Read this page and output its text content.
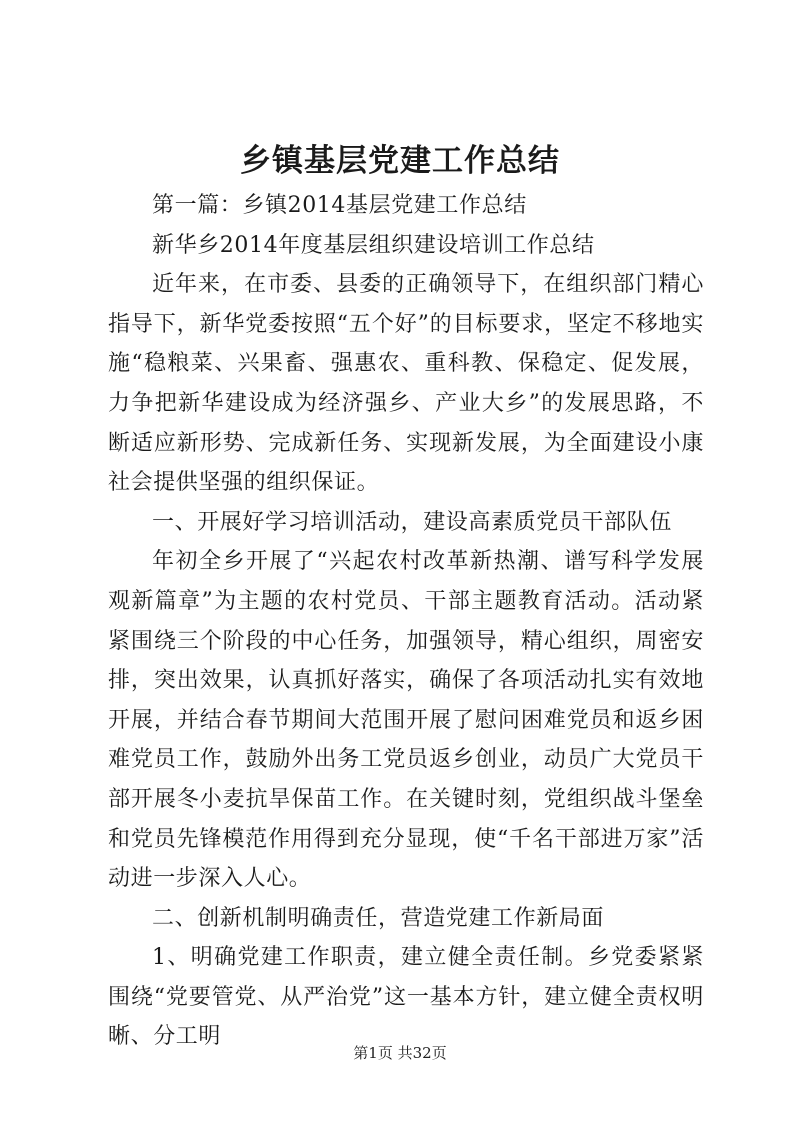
乡镇基层党建工作总结

第一篇：乡镇2014基层党建工作总结

新华乡2014年度基层组织建设培训工作总结

近年来，在市委、县委的正确领导下，在组织部门精心指导下，新华党委按照“五个好”的目标要求，坚定不移地实施“稳粮菜、兴果畜、强惠农、重科教、保稳定、促发展，力争把新华建设成为经济强乡、产业大乡”的发展思路，不断适应新形势、完成新任务、实现新发展，为全面建设小康社会提供坚强的组织保证。

一、开展好学习培训活动，建设高素质党员干部队伍

年初全乡开展了“兴起农村改革新热潮、谱写科学发展观新篇章”为主题的农村党员、干部主题教育活动。活动紧紧围绕三个阶段的中心任务，加强领导，精心组织，周密安排，突出效果，认真抓好落实，确保了各项活动扎实有效地开展，并结合春节期间大范围开展了慰问困难党员和返乡困难党员工作，鼓励外出务工党员返乡创业，动员广大党员干部开展冬小麦抗旱保苗工作。在关键时刻，党组织战斗堡垒和党员先锋模范作用得到充分显现，使“千名干部进万家”活动进一步深入人心。

二、创新机制明确责任，营造党建工作新局面

1、明确党建工作职责，建立健全责任制。乡党委紧紧围绕“党要管党、从严治党”这一基本方针，建立健全责权明晰、分工明

第1页 共32页
